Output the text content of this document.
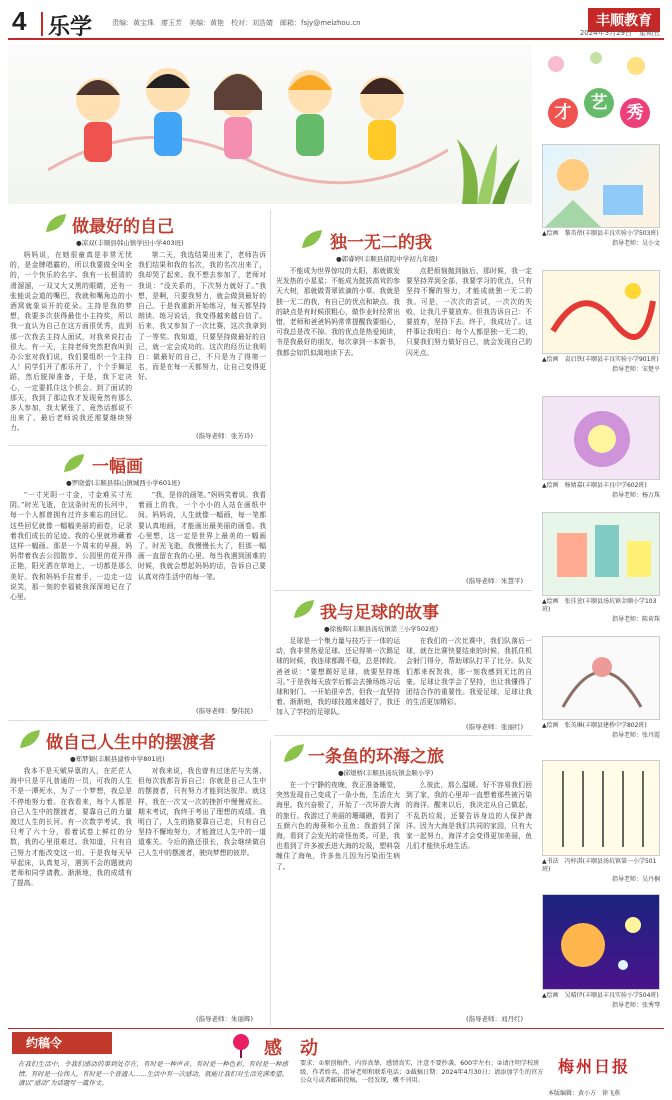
4 乐学	责编：黄宝珠　廖玉芳　美编：黄艳　校对：刘浩婧　邮箱：fsjy@meizhou.cn	丰顺教育
2024年3月29日　星期五
做最好的自己
●凉双(丰顺县韩山镇学田小学403班)

妈妈说，在她很童真是非常无忧的，是金牌唱霸的，所以我要做全叫全的，一个快乐的名字。我有一长根清的滑溜溜，一双又大又黑的眼睛，还有一张能说会道的嘴巴，我就和嘴角边的小酒窝就象谈开的花朵。主持是我的梦想，我要多次获得最佳小主持奖，所以我一直认为自己在这方面很优秀，直到那一次我去主持人面试，对我来说打击很大。有一天，主持老师突然把我叫到办公室对我们说，我们要组织一个主持人！同学们开了都乐开了，个个手舞足蹈，然后脱掉准备，于是，我下定决心，一定要抓住这个机会。到了面试的那天，我到了那边我才发现竟然有那么多人参加，我太紧张了，竟然话都说不出来了。最后老师说我还需要继续努力。

第二天，我选结果出来了，老师告诉我们结果和我的名次，我的名次出来了，我却哭了起来。我不想去参加了，老师对我说：“没关系的，下次努力就好了。”我想，是啊，只要我努力，就会做到最好的自己。于是我重新开始练习，每天都坚持朗读、练习说话，我变得越来越自信了。后来，我又参加了一次比赛，这次我拿到了一等奖。我知道，只要坚持做最好的自己，就一定会成功的。这次的经历让我明白：做最好的自己，不只是为了得第一名，而是在每一天都努力，让自己变得更好。

(指导老师：张芳玲)
一幅画
●罗晓蕾(丰顺县韩山镇城西小学601班)

“一寸光阴一寸金，寸金难买寸光阴。”时光飞逝，在这条时光的长河中，每一个人都曾拥有过许多难忘的回忆。这些回忆就像一幅幅美丽的画卷，记录着我们成长的足迹。我的心里就珍藏着这样一幅画。那是一个周末的早晨，妈妈带着我去公园散步。公园里的花开得正艳，阳光洒在草地上，一切都是那么美好。我和妈妈手拉着手，一边走一边说笑，那一刻的幸福被我深深地记在了心里。

“我，是你的画笔。”妈妈笑着说。我看着画上的我，一个小小的人站在画纸中间。妈妈说，人生就像一幅画，每一笔都要认真地画，才能画出最美丽的画卷。我心里想，这一定是世界上最美的一幅画了。时光飞逝，我慢慢长大了，但那一幅画一直留在我的心里。每当我遇到困难的时候，我就会想起妈妈的话，告诉自己要认真对待生活中的每一笔。

(指导老师：黎伟民)
做自己人生中的摆渡者
●郑梦颖(丰顺县建桥中学801班)

我本不是天赋异禀的人，在茫茫人海中只是平凡普通的一员，可我的人生不是一潭死水，为了一个梦想，我总是不停地努力着。在我看来，每个人都是自己人生中的摆渡者，要靠自己的力量渡过人生的长河。有一次数学考试，我只考了六十分，看着试卷上鲜红的分数，我的心里很难过。我知道，只有自己努力才能改变这一切。于是我每天早早起床，认真复习，遇到不会的题就向老师和同学请教。渐渐地，我的成绩有了提高。

对我来说，我也曾有过迷茫与失落，但每次我都告诉自己：你就是自己人生中的摆渡者，只有努力才能到达彼岸。就这样，我在一次又一次的挫折中慢慢成长。期末考试，我终于考出了理想的成绩。我明白了，人生的路要靠自己走，只有自己坚持不懈地努力，才能渡过人生中的一道道难关。今后的路还很长，我会继续做自己人生中的摆渡者，驶向梦想的彼岸。

(指导老师：朱丽辉)
独一无二的我
●郭睿婷(丰顺县留隍中学初九年级)

不能成为世界惊叹的太阳，那就做发光发热的小星星；不能成为挺拔高耸的参天大树，那就做青翠欲滴的小草。我就是独一无二的我，有自己的优点和缺点。我的缺点是有时候很粗心，做作业时经常出错，老师和爸爸妈妈常常提醒我要细心，可我总是改不掉。我的优点是热爱阅读，书是我最好的朋友，每次拿到一本新书，我都会如饥似渴地读下去。

点把烦恼抛到脑后，那时候，我一定要坚持弄到全部，我要学习的优点，只有坚持不懈的努力，才能成就独一无二的我。可是，一次次的尝试，一次次的失败，让我几乎要放弃。但我告诉自己：不要放弃，坚持下去。终于，我成功了。这件事让我明白：每个人都是独一无二的，只要我们努力做好自己，就会发现自己的闪光点。

(指导老师：朱慧平)
我与足球的故事
●徐俊晖(丰顺县汤坑镇第三小学502班)

足球是一个集力量与技巧于一体的运动，我非常热爱足球。还记得第一次踢足球的时候，我连球都踢不稳，总是摔跤。爸爸说：“要想踢好足球，就要坚持练习。”于是我每天放学后都会去操场练习运球和射门。一开始很辛苦，但我一直坚持着。渐渐地，我的球技越来越好了，我还加入了学校的足球队。

在我们的一次比赛中，我们队落后一球，就在比赛快要结束的时候，我抓住机会射门得分，帮助球队打平了比分。队友们都来祝贺我，那一刻我感到无比的自豪。足球让我学会了坚持，也让我懂得了团结合作的重要性。我爱足球，足球让我的生活更加精彩。

(指导老师：张丽红)
一条鱼的环海之旅
●邱煜桥(丰顺县汤坑镇金顺小学)

在一个宁静的夜晚，我正准备睡觉，突然发现自己变成了一条小鱼，生活在大海里。我兴奋极了，开始了一次环游大海的旅行。我游过了美丽的珊瑚礁，看到了五颜六色的海葵和小丑鱼；我游到了深海，看到了会发光的奇怪鱼类。可是，我也看到了许多被丢进大海的垃圾，塑料袋缠住了海龟，许多鱼儿因为污染而生病了。

么彼此，那么温暖。好不容易我们回到了家，我的心里却一直想着那些被污染的海洋。醒来以后，我决定从自己做起，不乱扔垃圾，还要告诉身边的人保护海洋。因为大海是我们共同的家园，只有大家一起努力，海洋才会变得更加美丽，鱼儿们才能快乐地生活。

(指导老师：刘丹红)
才	艺	秀
▲绘画　黎英蓓(丰顺县丰良实验小学503班)
指导老师：吴小文
▲绘画　袁启铁(丰顺县丰良实验小学901班)
指导老师：宋楚平
▲绘画　杨婧嘉(丰顺县丰良中学602班)
指导老师：杨万珠
▲绘画　张佳萱(丰顺县汤坑镇金顺小学103班)
指导老师：陈荷珠
▲绘画　张英琳(丰顺县建桥中学802班)
指导老师：张丹霞
▲书法　冯梓淇(丰顺县汤坑镇第一小学501班)
指导老师：吴丹桐
▲绘画　吴晴伊(丰顺县丰良实验小学504班)
指导老师：张秀琴
约稿令	感　动
在我们生活中，令我们感动的事到处存在，有时是一种声音，有时是一种色彩，有时是一种感情。有时是一位伟人，有时是一个普通人……生活中有一次感动，就能让我们对生活充满希望。请以“感动”为话题写一篇作文。
要求：①原创稿件，内容真挚，感情真实，注意不要抄袭，600字左右；②请注明学校班级，作者姓名，指导老师和联系电话；③截稿日期：2024年4月30日；请添加学生的官方公众号或者邮箱投稿，一经发现，概不刊用。
梅州日报
本版编辑：黄小方　徐飞燕
